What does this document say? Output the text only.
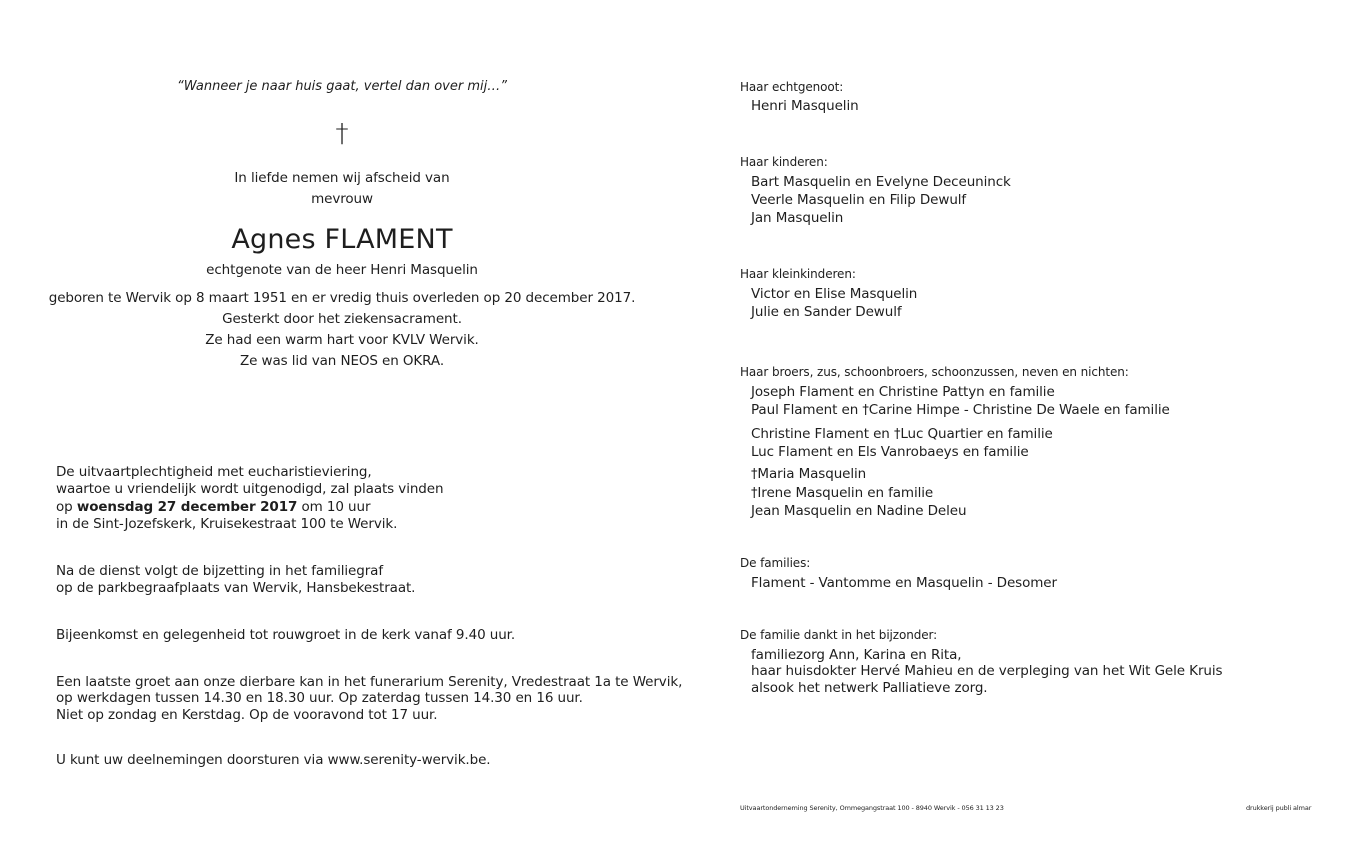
“Wanneer je naar huis gaat, vertel dan over mij…”
†
In liefde nemen wij afscheid van
mevrouw
Agnes FLAMENT
echtgenote van de heer Henri Masquelin
geboren te Wervik op 8 maart 1951 en er vredig thuis overleden op 20 december 2017.
Gesterkt door het ziekensacrament.
Ze had een warm hart voor KVLV Wervik.
Ze was lid van NEOS en OKRA.
De uitvaartplechtigheid met eucharistieviering,
waartoe u vriendelijk wordt uitgenodigd, zal plaats vinden
op woensdag 27 december 2017 om 10 uur
in de Sint-Jozefskerk, Kruisekestraat 100 te Wervik.
Na de dienst volgt de bijzetting in het familiegraf
op de parkbegraafplaats van Wervik, Hansbekestraat.
Bijeenkomst en gelegenheid tot rouwgroet in de kerk vanaf 9.40 uur.
Een laatste groet aan onze dierbare kan in het funerarium Serenity, Vredestraat 1a te Wervik,
op werkdagen tussen 14.30 en 18.30 uur. Op zaterdag tussen 14.30 en 16 uur.
Niet op zondag en Kerstdag. Op de vooravond tot 17 uur.
U kunt uw deelnemingen doorsturen via www.serenity-wervik.be.
Haar echtgenoot:
Henri Masquelin
Haar kinderen:
Bart Masquelin en Evelyne Deceuninck
Veerle Masquelin en Filip Dewulf
Jan Masquelin
Haar kleinkinderen:
Victor en Elise Masquelin
Julie en Sander Dewulf
Haar broers, zus, schoonbroers, schoonzussen, neven en nichten:
Joseph Flament en Christine Pattyn en familie
Paul Flament en †Carine Himpe - Christine De Waele en familie
Christine Flament en †Luc Quartier en familie
Luc Flament en Els Vanrobaeys en familie
†Maria Masquelin
†Irene Masquelin en familie
Jean Masquelin en Nadine Deleu
De families:
Flament - Vantomme en Masquelin - Desomer
De familie dankt in het bijzonder:
familiezorg Ann, Karina en Rita,
haar huisdokter Hervé Mahieu en de verpleging van het Wit Gele Kruis
alsook het netwerk Palliatieve zorg.
Uitvaartonderneming Serenity, Ommegangstraat 100 - 8940 Wervik - 056 31 13 23	drukkerij publi almar
